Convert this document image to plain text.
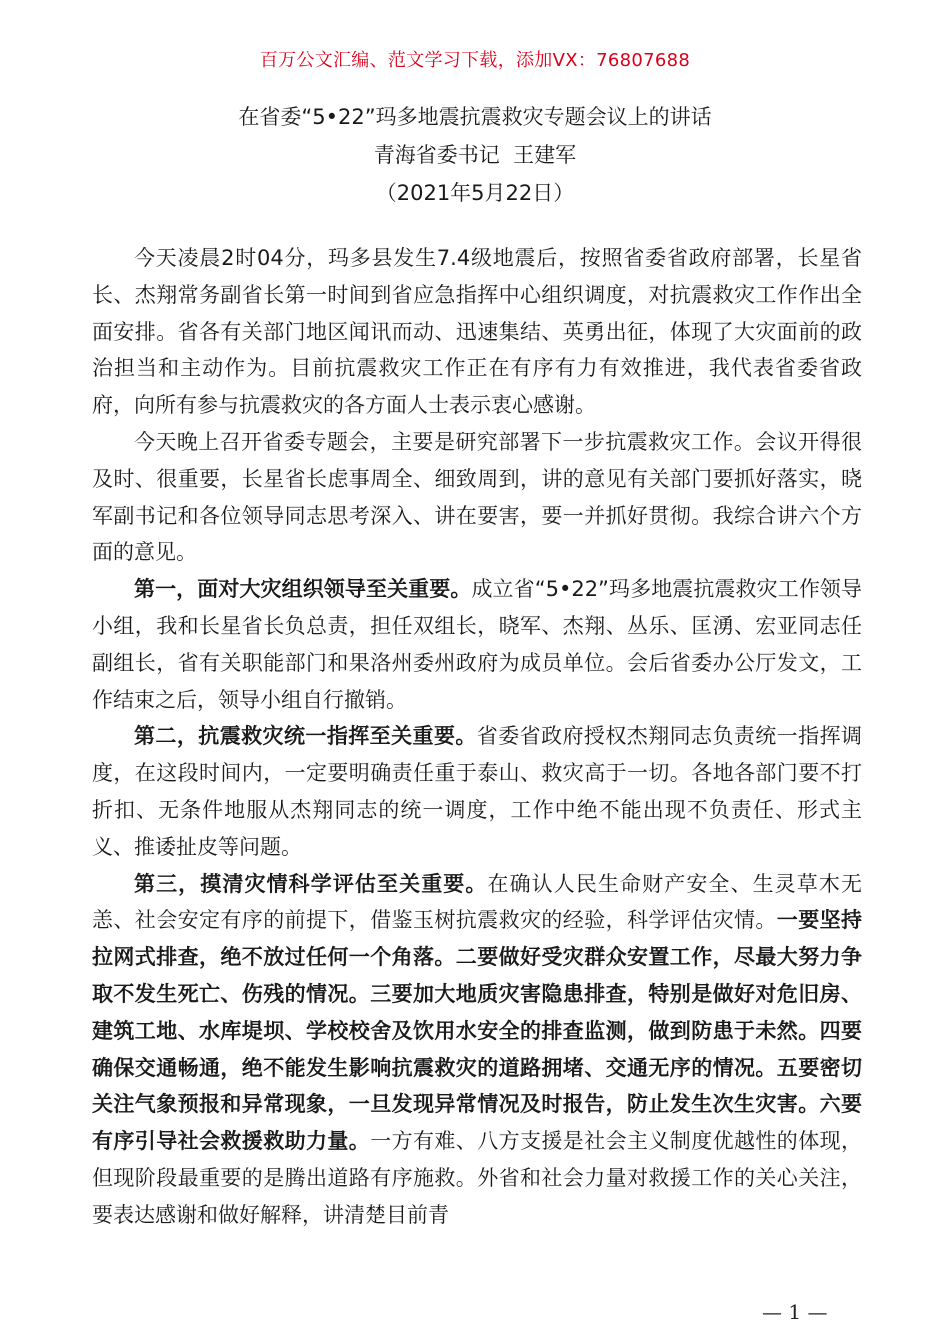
百万公文汇编、范文学习下载，添加VX：76807688
在省委“5•22”玛多地震抗震救灾专题会议上的讲话
青海省委书记  王建军
（2021年5月22日）

今天凌晨2时04分，玛多县发生7.4级地震后，按照省委省政府部署，长星省长、杰翔常务副省长第一时间到省应急指挥中心组织调度，对抗震救灾工作作出全面安排。省各有关部门地区闻讯而动、迅速集结、英勇出征，体现了大灾面前的政治担当和主动作为。目前抗震救灾工作正在有序有力有效推进，我代表省委省政府，向所有参与抗震救灾的各方面人士表示衷心感谢。

今天晚上召开省委专题会，主要是研究部署下一步抗震救灾工作。会议开得很及时、很重要，长星省长虑事周全、细致周到，讲的意见有关部门要抓好落实，晓军副书记和各位领导同志思考深入、讲在要害，要一并抓好贯彻。我综合讲六个方面的意见。

第一，面对大灾组织领导至关重要。成立省“5•22”玛多地震抗震救灾工作领导小组，我和长星省长负总责，担任双组长，晓军、杰翔、丛乐、匡湧、宏亚同志任副组长，省有关职能部门和果洛州委州政府为成员单位。会后省委办公厅发文，工作结束之后，领导小组自行撤销。

第二，抗震救灾统一指挥至关重要。省委省政府授权杰翔同志负责统一指挥调度，在这段时间内，一定要明确责任重于泰山、救灾高于一切。各地各部门要不打折扣、无条件地服从杰翔同志的统一调度，工作中绝不能出现不负责任、形式主义、推诿扯皮等问题。

第三，摸清灾情科学评估至关重要。在确认人民生命财产安全、生灵草木无恙、社会安定有序的前提下，借鉴玉树抗震救灾的经验，科学评估灾情。一要坚持拉网式排查，绝不放过任何一个角落。二要做好受灾群众安置工作，尽最大努力争取不发生死亡、伤残的情况。三要加大地质灾害隐患排查，特别是做好对危旧房、建筑工地、水库堤坝、学校校舍及饮用水安全的排查监测，做到防患于未然。四要确保交通畅通，绝不能发生影响抗震救灾的道路拥堵、交通无序的情况。五要密切关注气象预报和异常现象，一旦发现异常情况及时报告，防止发生次生灾害。六要有序引导社会救援救助力量。一方有难、八方支援是社会主义制度优越性的体现，但现阶段最重要的是腾出道路有序施救。外省和社会力量对救援工作的关心关注，要表达感谢和做好解释，讲清楚目前青

— 1 —
